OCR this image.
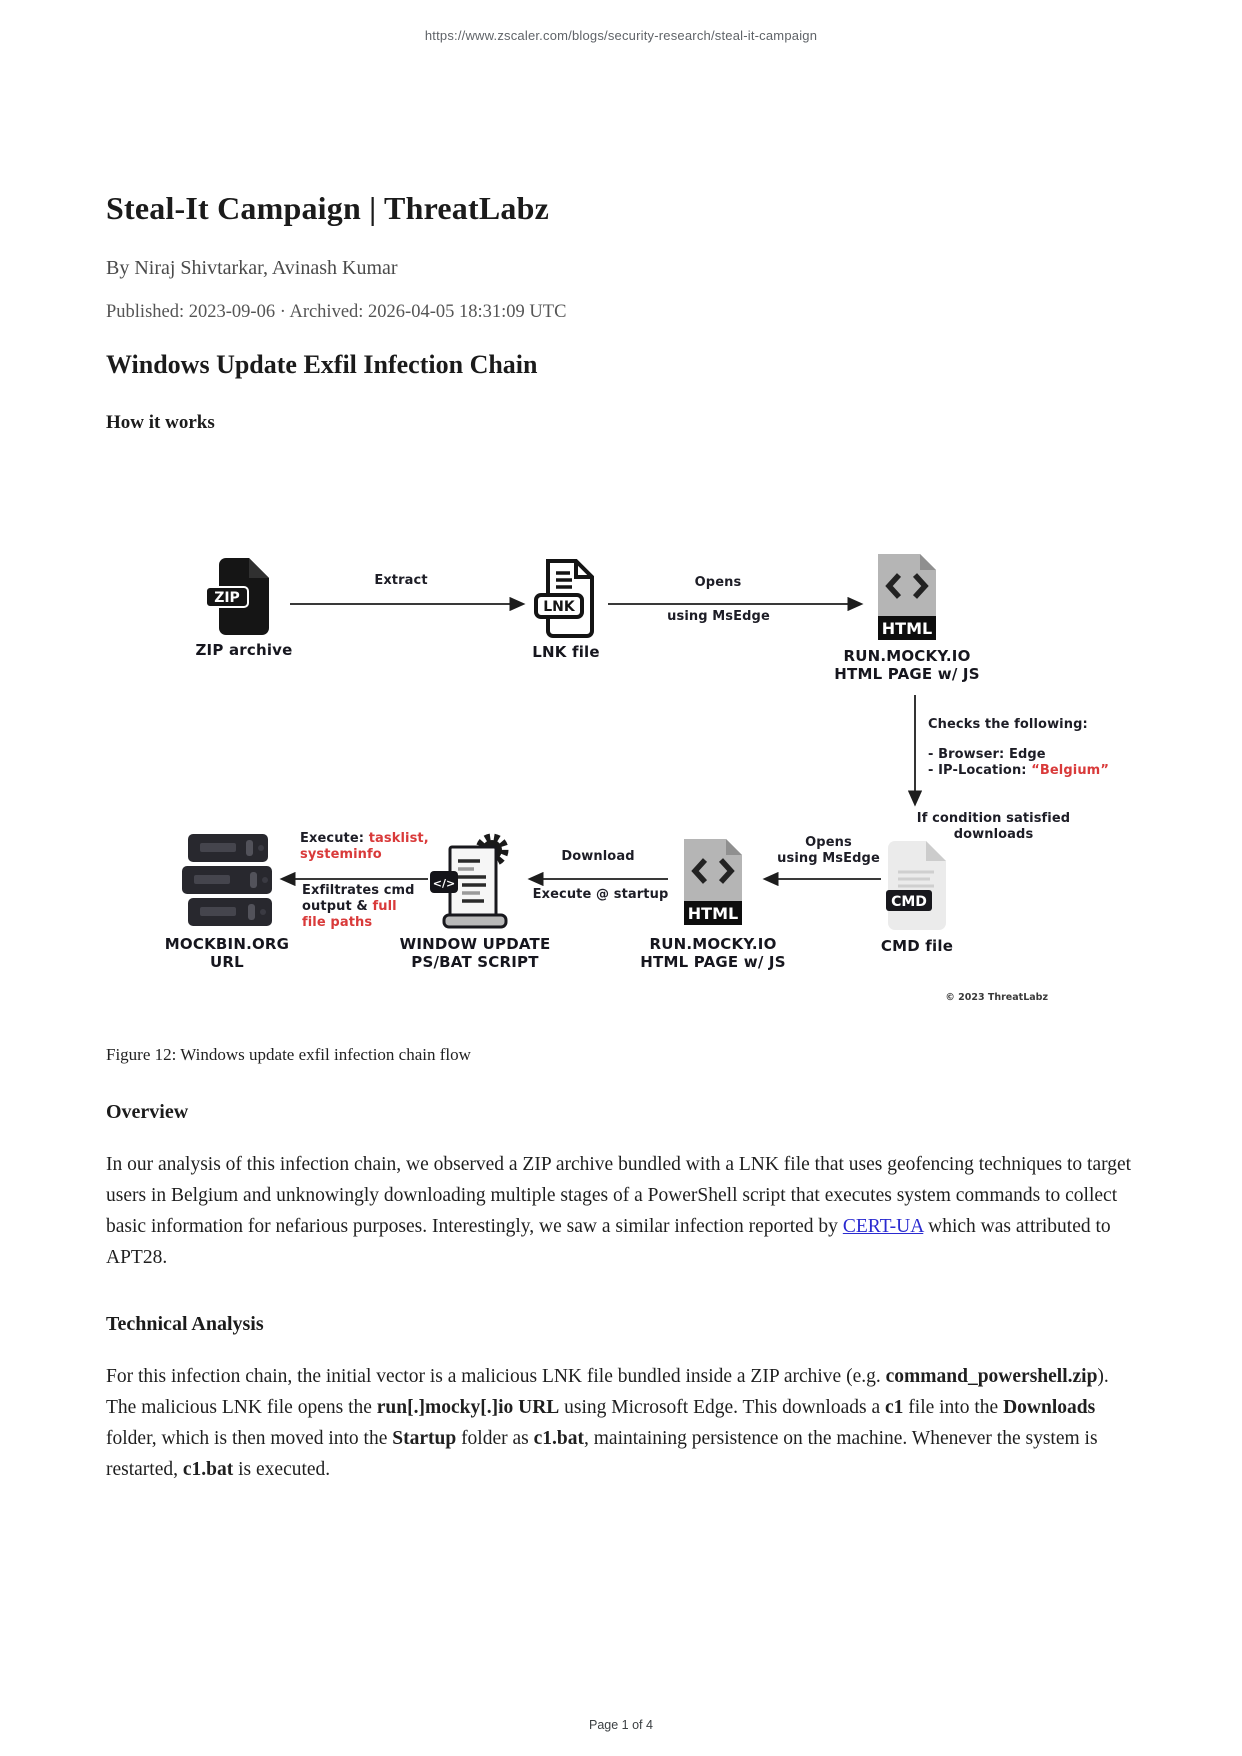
https://www.zscaler.com/blogs/security-research/steal-it-campaign
Steal-It Campaign | ThreatLabz
By Niraj Shivtarkar, Avinash Kumar
Published: 2023-09-06 · Archived: 2026-04-05 18:31:09 UTC
Windows Update Exfil Infection Chain
How it works
ZIP
ZIP archive
LNK
LNK file
HTML
RUN.MOCKY.IO
HTML PAGE w/ JS
Extract	Opens
using MsEdge
Checks the following:
- Browser: Edge
- IP-Location: “Belgium”
If condition satisfied
downloads
MOCKBIN.ORG
URL
</>
WINDOW UPDATE
PS/BAT SCRIPT
HTML
RUN.MOCKY.IO
HTML PAGE w/ JS
CMD
CMD file
Execute: tasklist, systeminfo
Exfiltrates cmd output & full file paths
Download
Execute @ startup
Opens
using MsEdge
© 2023 ThreatLabz
Figure 12: Windows update exfil infection chain flow
Overview

In our analysis of this infection chain, we observed a ZIP archive bundled with a LNK file that uses geofencing techniques to target users in Belgium and unknowingly downloading multiple stages of a PowerShell script that executes system commands to collect basic information for nefarious purposes. Interestingly, we saw a similar infection reported by CERT-UA which was attributed to APT28.

Technical Analysis

For this infection chain, the initial vector is a malicious LNK file bundled inside a ZIP archive (e.g. command_powershell.zip). The malicious LNK file opens the run[.]mocky[.]io URL using Microsoft Edge. This downloads a c1 file into the Downloads folder, which is then moved into the Startup folder as c1.bat, maintaining persistence on the machine. Whenever the system is restarted, c1.bat is executed.

Page 1 of 4
